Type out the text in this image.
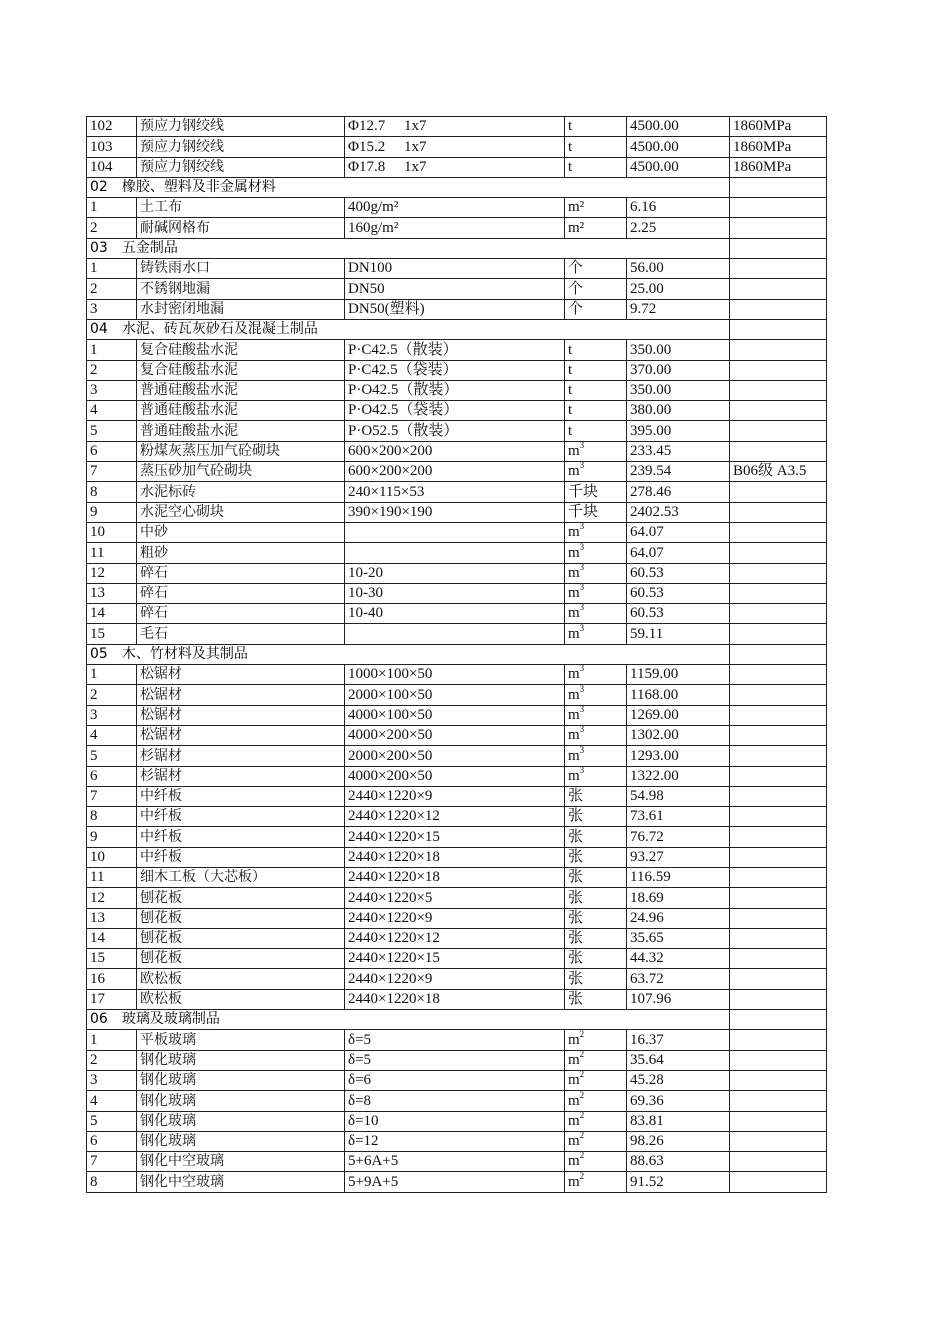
102	预应力钢绞线	Φ12.7　 1x7	t	4500.00	1860MPa
103	预应力钢绞线	Φ15.2　 1x7	t	4500.00	1860MPa
104	预应力钢绞线	Φ17.8　 1x7	t	4500.00	1860MPa
02　橡胶、塑料及非金属材料					
1	土工布	400g/m²	m²	6.16	
2	耐碱网格布	160g/m²	m²	2.25	
03　五金制品					
1	铸铁雨水口	DN100	个	56.00	
2	不锈钢地漏	DN50	个	25.00	
3	水封密闭地漏	DN50(塑料)	个	9.72	
04　水泥、砖瓦灰砂石及混凝土制品					
1	复合硅酸盐水泥	P·C42.5（散装）	t	350.00	
2	复合硅酸盐水泥	P·C42.5（袋装）	t	370.00	
3	普通硅酸盐水泥	P·O42.5（散装）	t	350.00	
4	普通硅酸盐水泥	P·O42.5（袋装）	t	380.00	
5	普通硅酸盐水泥	P·O52.5（散装）	t	395.00	
6	粉煤灰蒸压加气砼砌块	600×200×200	$m^3$	233.45	
7	蒸压砂加气砼砌块	600×200×200	$m^3$	239.54	B06级 A3.5
8	水泥标砖	240×115×53	千块	278.46	
9	水泥空心砌块	390×190×190	千块	2402.53	
10	中砂		$m^3$	64.07	
11	粗砂		$m^3$	64.07	
12	碎石	10-20	$m^3$	60.53	
13	碎石	10-30	$m^3$	60.53	
14	碎石	10-40	$m^3$	60.53	
15	毛石		$m^3$	59.11	
05　木、竹材料及其制品					
1	松锯材	1000×100×50	$m^3$	1159.00	
2	松锯材	2000×100×50	$m^3$	1168.00	
3	松锯材	4000×100×50	$m^3$	1269.00	
4	松锯材	4000×200×50	$m^3$	1302.00	
5	杉锯材	2000×200×50	$m^3$	1293.00	
6	杉锯材	4000×200×50	$m^3$	1322.00	
7	中纤板	2440×1220×9	张	54.98	
8	中纤板	2440×1220×12	张	73.61	
9	中纤板	2440×1220×15	张	76.72	
10	中纤板	2440×1220×18	张	93.27	
11	细木工板（大芯板）	2440×1220×18	张	116.59	
12	刨花板	2440×1220×5	张	18.69	
13	刨花板	2440×1220×9	张	24.96	
14	刨花板	2440×1220×12	张	35.65	
15	刨花板	2440×1220×15	张	44.32	
16	欧松板	2440×1220×9	张	63.72	
17	欧松板	2440×1220×18	张	107.96	
06　玻璃及玻璃制品					
1	平板玻璃	δ=5	$m^2$	16.37	
2	钢化玻璃	δ=5	$m^2$	35.64	
3	钢化玻璃	δ=6	$m^2$	45.28	
4	钢化玻璃	δ=8	$m^2$	69.36	
5	钢化玻璃	δ=10	$m^2$	83.81	
6	钢化玻璃	δ=12	$m^2$	98.26	
7	钢化中空玻璃	5+6A+5	$m^2$	88.63	
8	钢化中空玻璃	5+9A+5	$m^2$	91.52	
